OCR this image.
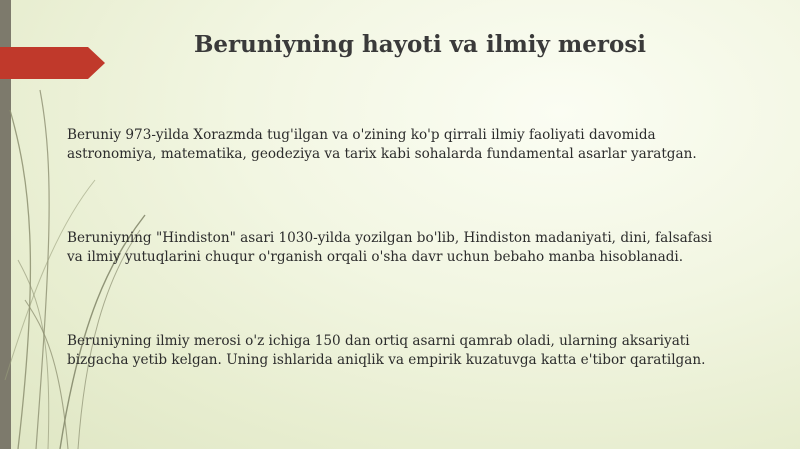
Beruniyning hayoti va ilmiy merosi
Beruniy 973-yilda Xorazmda tug'ilgan va o'zining ko'p qirrali ilmiy faoliyati davomida
astronomiya, matematika, geodeziya va tarix kabi sohalarda fundamental asarlar yaratgan.
Beruniyning "Hindiston" asari 1030-yilda yozilgan bo'lib, Hindiston madaniyati, dini, falsafasi
va ilmiy yutuqlarini chuqur o'rganish orqali o'sha davr uchun bebaho manba hisoblanadi.
Beruniyning ilmiy merosi o'z ichiga 150 dan ortiq asarni qamrab oladi, ularning aksariyati
bizgacha yetib kelgan. Uning ishlarida aniqlik va empirik kuzatuvga katta e'tibor qaratilgan.
